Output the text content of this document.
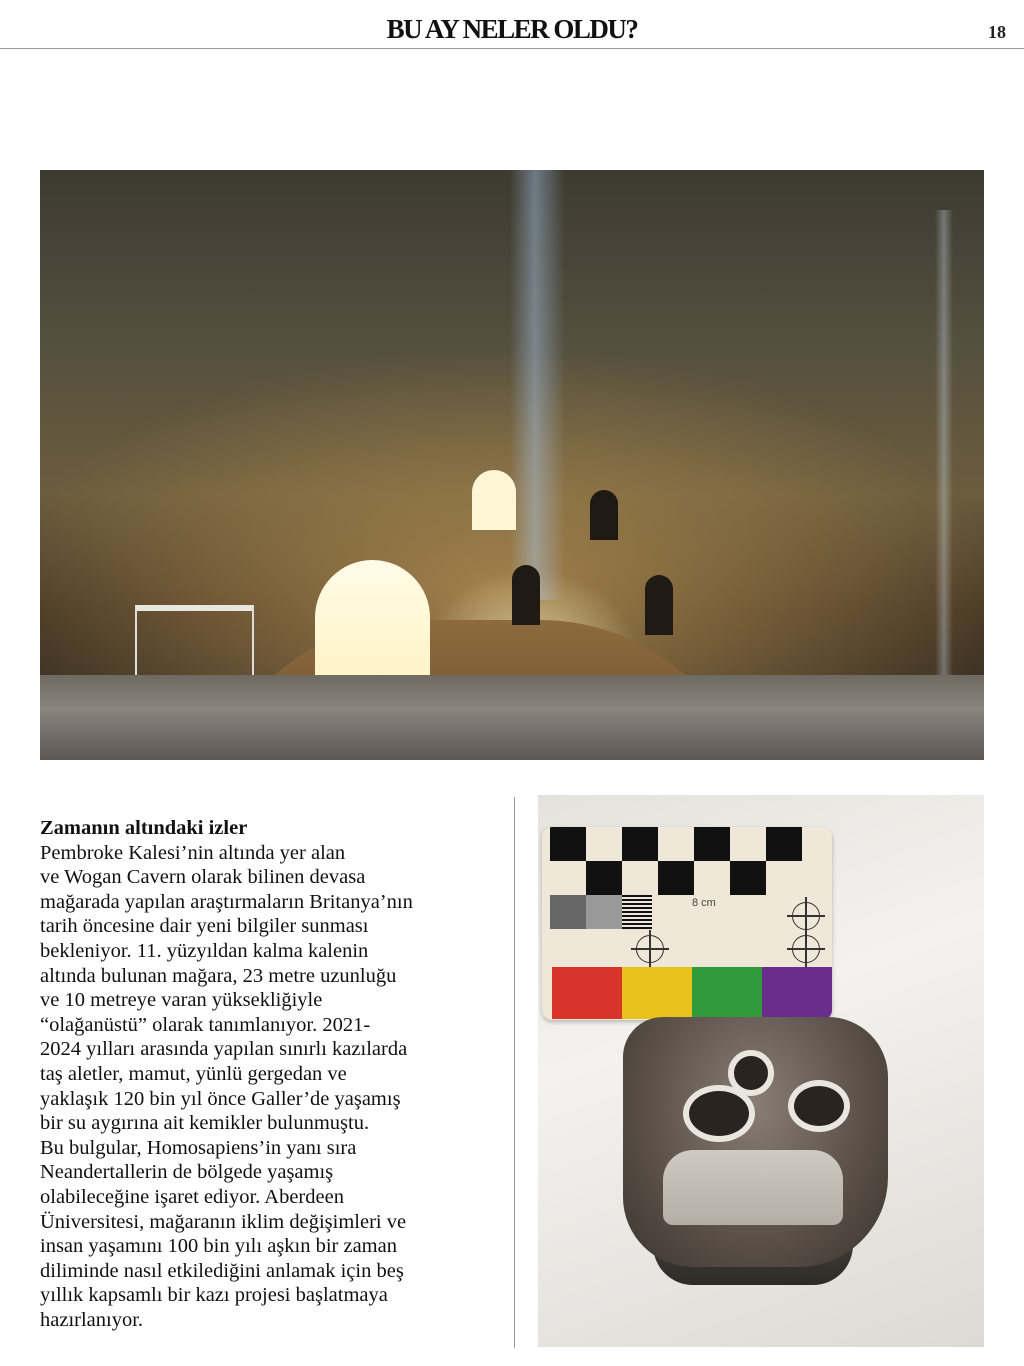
BU AY NELER OLDU?	18
Zamanın altındaki izler
Pembroke Kalesi’nin altında yer alan
ve Wogan Cavern olarak bilinen devasa
mağarada yapılan araştırmaların Britanya’nın
tarih öncesine dair yeni bilgiler sunması
bekleniyor. 11. yüzyıldan kalma kalenin
altında bulunan mağara, 23 metre uzunluğu
ve 10 metreye varan yüksekliğiyle
“olağanüstü” olarak tanımlanıyor. 2021-
2024 yılları arasında yapılan sınırlı kazılarda
taş aletler, mamut, yünlü gergedan ve
yaklaşık 120 bin yıl önce Galler’de yaşamış
bir su aygırına ait kemikler bulunmuştu.
Bu bulgular, Homosapiens’in yanı sıra
Neandertallerin de bölgede yaşamış
olabileceğine işaret ediyor. Aberdeen
Üniversitesi, mağaranın iklim değişimleri ve
insan yaşamını 100 bin yılı aşkın bir zaman
diliminde nasıl etkilediğini anlamak için beş
yıllık kapsamlı bir kazı projesi başlatmaya
hazırlanıyor.
8 cm
